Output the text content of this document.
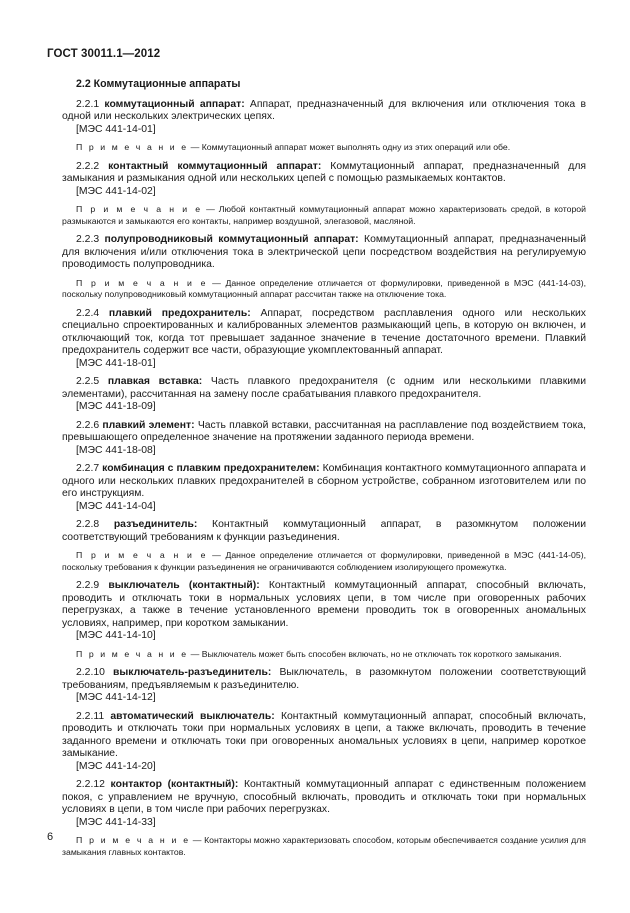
ГОСТ 30011.1—2012
2.2 Коммутационные аппараты

2.2.1 коммутационный аппарат: Аппарат, предназначенный для включения или отключения тока в одной или нескольких электрических цепях.

[МЭС 441-14-01]

П р и м е ч а н и е — Коммутационный аппарат может выполнять одну из этих операций или обе.

2.2.2 контактный коммутационный аппарат: Коммутационный аппарат, предназначенный для замыкания и размыкания одной или нескольких цепей с помощью размыкаемых контактов.

[МЭС 441-14-02]

П р и м е ч а н и е — Любой контактный коммутационный аппарат можно характеризовать средой, в которой размыкаются и замыкаются его контакты, например воздушной, элегазовой, масляной.

2.2.3 полупроводниковый коммутационный аппарат: Коммутационный аппарат, предназначенный для включения и/или отключения тока в электрической цепи посредством воздействия на регулируемую проводимость полупроводника.

П р и м е ч а н и е — Данное определение отличается от формулировки, приведенной в МЭС (441-14-03), поскольку полупроводниковый коммутационный аппарат рассчитан также на отключение тока.

2.2.4 плавкий предохранитель: Аппарат, посредством расплавления одного или нескольких специально спроектированных и калиброванных элементов размыкающий цепь, в которую он включен, и отключающий ток, когда тот превышает заданное значение в течение достаточного времени. Плавкий предохранитель содержит все части, образующие укомплектованный аппарат.

[МЭС 441-18-01]

2.2.5 плавкая вставка: Часть плавкого предохранителя (с одним или несколькими плавкими элементами), рассчитанная на замену после срабатывания плавкого предохранителя.

[МЭС 441-18-09]

2.2.6 плавкий элемент: Часть плавкой вставки, рассчитанная на расплавление под воздействием тока, превышающего определенное значение на протяжении заданного периода времени.

[МЭС 441-18-08]

2.2.7 комбинация с плавким предохранителем: Комбинация контактного коммутационного аппарата и одного или нескольких плавких предохранителей в сборном устройстве, собранном изготовителем или по его инструкциям.

[МЭС 441-14-04]

2.2.8 разъединитель: Контактный коммутационный аппарат, в разомкнутом положении соответствующий требованиям к функции разъединения.

П р и м е ч а н и е — Данное определение отличается от формулировки, приведенной в МЭС (441-14-05), поскольку требования к функции разъединения не ограничиваются соблюдением изолирующего промежутка.

2.2.9 выключатель (контактный): Контактный коммутационный аппарат, способный включать, проводить и отключать токи в нормальных условиях цепи, в том числе при оговоренных рабочих перегрузках, а также в течение установленного времени проводить ток в оговоренных аномальных условиях, например, при коротком замыкании.

[МЭС 441-14-10]

П р и м е ч а н и е — Выключатель может быть способен включать, но не отключать ток короткого замыкания.

2.2.10 выключатель-разъединитель: Выключатель, в разомкнутом положении соответствующий требованиям, предъявляемым к разъединителю.

[МЭС 441-14-12]

2.2.11 автоматический выключатель: Контактный коммутационный аппарат, способный включать, проводить и отключать токи при нормальных условиях в цепи, а также включать, проводить в течение заданного времени и отключать токи при оговоренных аномальных условиях в цепи, например короткое замыкание.

[МЭС 441-14-20]

2.2.12 контактор (контактный): Контактный коммутационный аппарат с единственным положением покоя, с управлением не вручную, способный включать, проводить и отключать токи при нормальных условиях в цепи, в том числе при рабочих перегрузках.

[МЭС 441-14-33]

П р и м е ч а н и е — Контакторы можно характеризовать способом, которым обеспечивается создание усилия для замыкания главных контактов.

6
